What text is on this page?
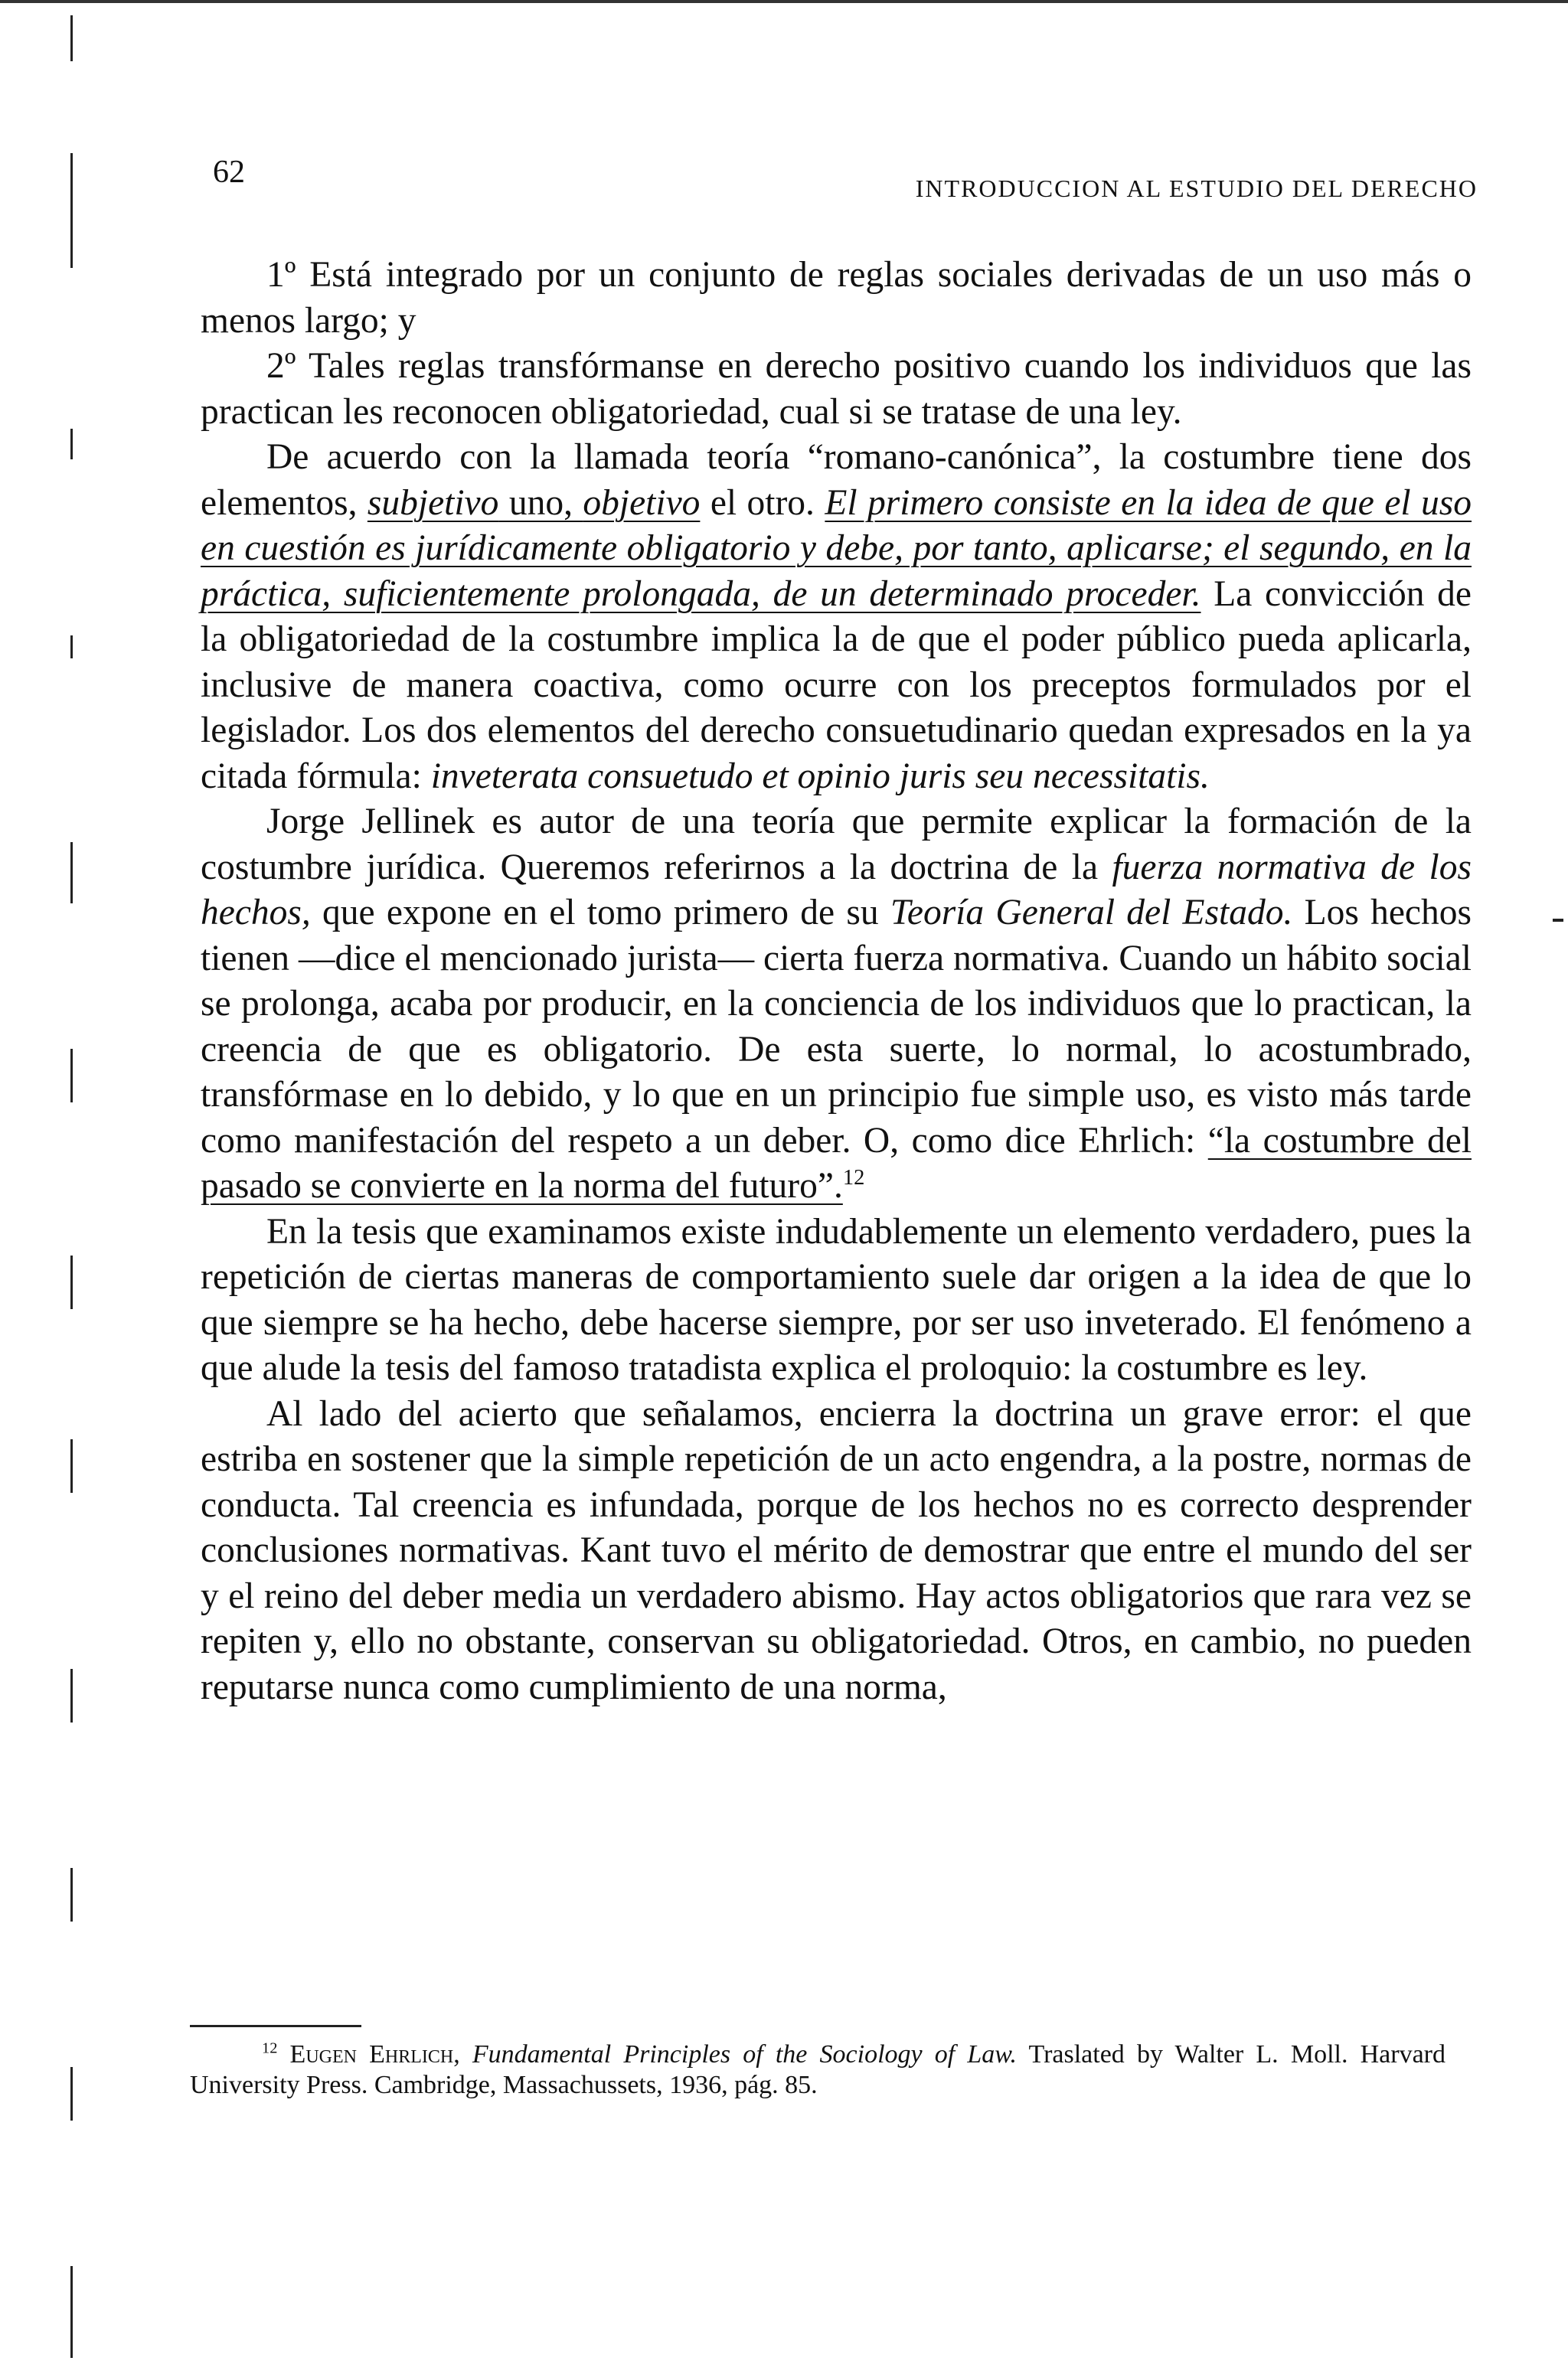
62	INTRODUCCION AL ESTUDIO DEL DERECHO

1º Está integrado por un conjunto de reglas sociales derivadas de un uso más o menos largo; y

2º Tales reglas transfórmanse en derecho positivo cuando los individuos que las practican les reconocen obligatoriedad, cual si se tratase de una ley.

De acuerdo con la llamada teoría “romano-canónica”, la costumbre tiene dos elementos, subjetivo uno, objetivo el otro. El primero consiste en la idea de que el uso en cuestión es jurídicamente obligatorio y debe, por tanto, aplicarse; el segundo, en la práctica, suficientemente prolongada, de un determinado proceder. La convicción de la obligatoriedad de la costumbre implica la de que el poder público pueda aplicarla, inclusive de manera coactiva, como ocurre con los preceptos formulados por el legislador. Los dos elementos del derecho consuetudinario quedan expresados en la ya citada fórmula: inveterata consuetudo et opinio juris seu necessitatis.

Jorge Jellinek es autor de una teoría que permite explicar la formación de la costumbre jurídica. Queremos referirnos a la doctrina de la fuerza normativa de los hechos, que expone en el tomo primero de su Teoría General del Estado. Los hechos tienen —dice el mencionado jurista— cierta fuerza normativa. Cuando un hábito social se prolonga, acaba por producir, en la conciencia de los individuos que lo practican, la creencia de que es obligatorio. De esta suerte, lo normal, lo acostumbrado, transfórmase en lo debido, y lo que en un principio fue simple uso, es visto más tarde como manifestación del respeto a un deber. O, como dice Ehrlich: “la costumbre del pasado se convierte en la norma del futuro”.$^{12}$

En la tesis que examinamos existe indudablemente un elemento verdadero, pues la repetición de ciertas maneras de comportamiento suele dar origen a la idea de que lo que siempre se ha hecho, debe hacerse siempre, por ser uso inveterado. El fenómeno a que alude la tesis del famoso tratadista explica el proloquio: la costumbre es ley.

Al lado del acierto que señalamos, encierra la doctrina un grave error: el que estriba en sostener que la simple repetición de un acto engendra, a la postre, normas de conducta. Tal creencia es infundada, porque de los hechos no es correcto desprender conclusiones normativas. Kant tuvo el mérito de demostrar que entre el mundo del ser y el reino del deber media un verdadero abismo. Hay actos obligatorios que rara vez se repiten y, ello no obstante, conservan su obligatoriedad. Otros, en cambio, no pueden reputarse nunca como cumplimiento de una norma,

$^{12}$ Eugen Ehrlich, Fundamental Principles of the Sociology of Law. Traslated by Walter L. Moll. Harvard University Press. Cambridge, Massachussets, 1936, pág. 85.
